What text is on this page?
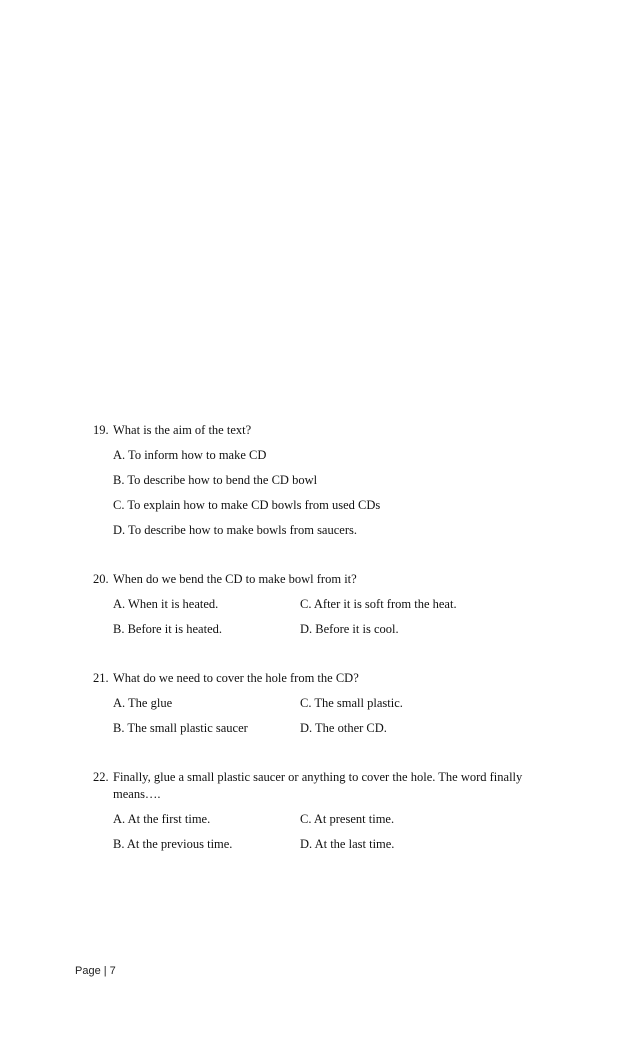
19. What is the aim of the text?
A. To inform how to make CD
B. To describe how to bend the CD bowl
C. To explain how to make CD bowls from used CDs
D. To describe how to make bowls from saucers.
20. When do we bend the CD to make bowl from it?
A. When it is heated.	C. After it is soft from the heat.
B. Before it is heated.	D. Before it is cool.
21. What do we need to cover the hole from the CD?
A. The glue	C. The small plastic.
B. The small plastic saucer	D. The other CD.
22. Finally, glue a small plastic saucer or anything to cover the hole. The word finally means….
A. At the first time.	C. At present time.
B. At the previous time.	D. At the last time.
Page | 7
